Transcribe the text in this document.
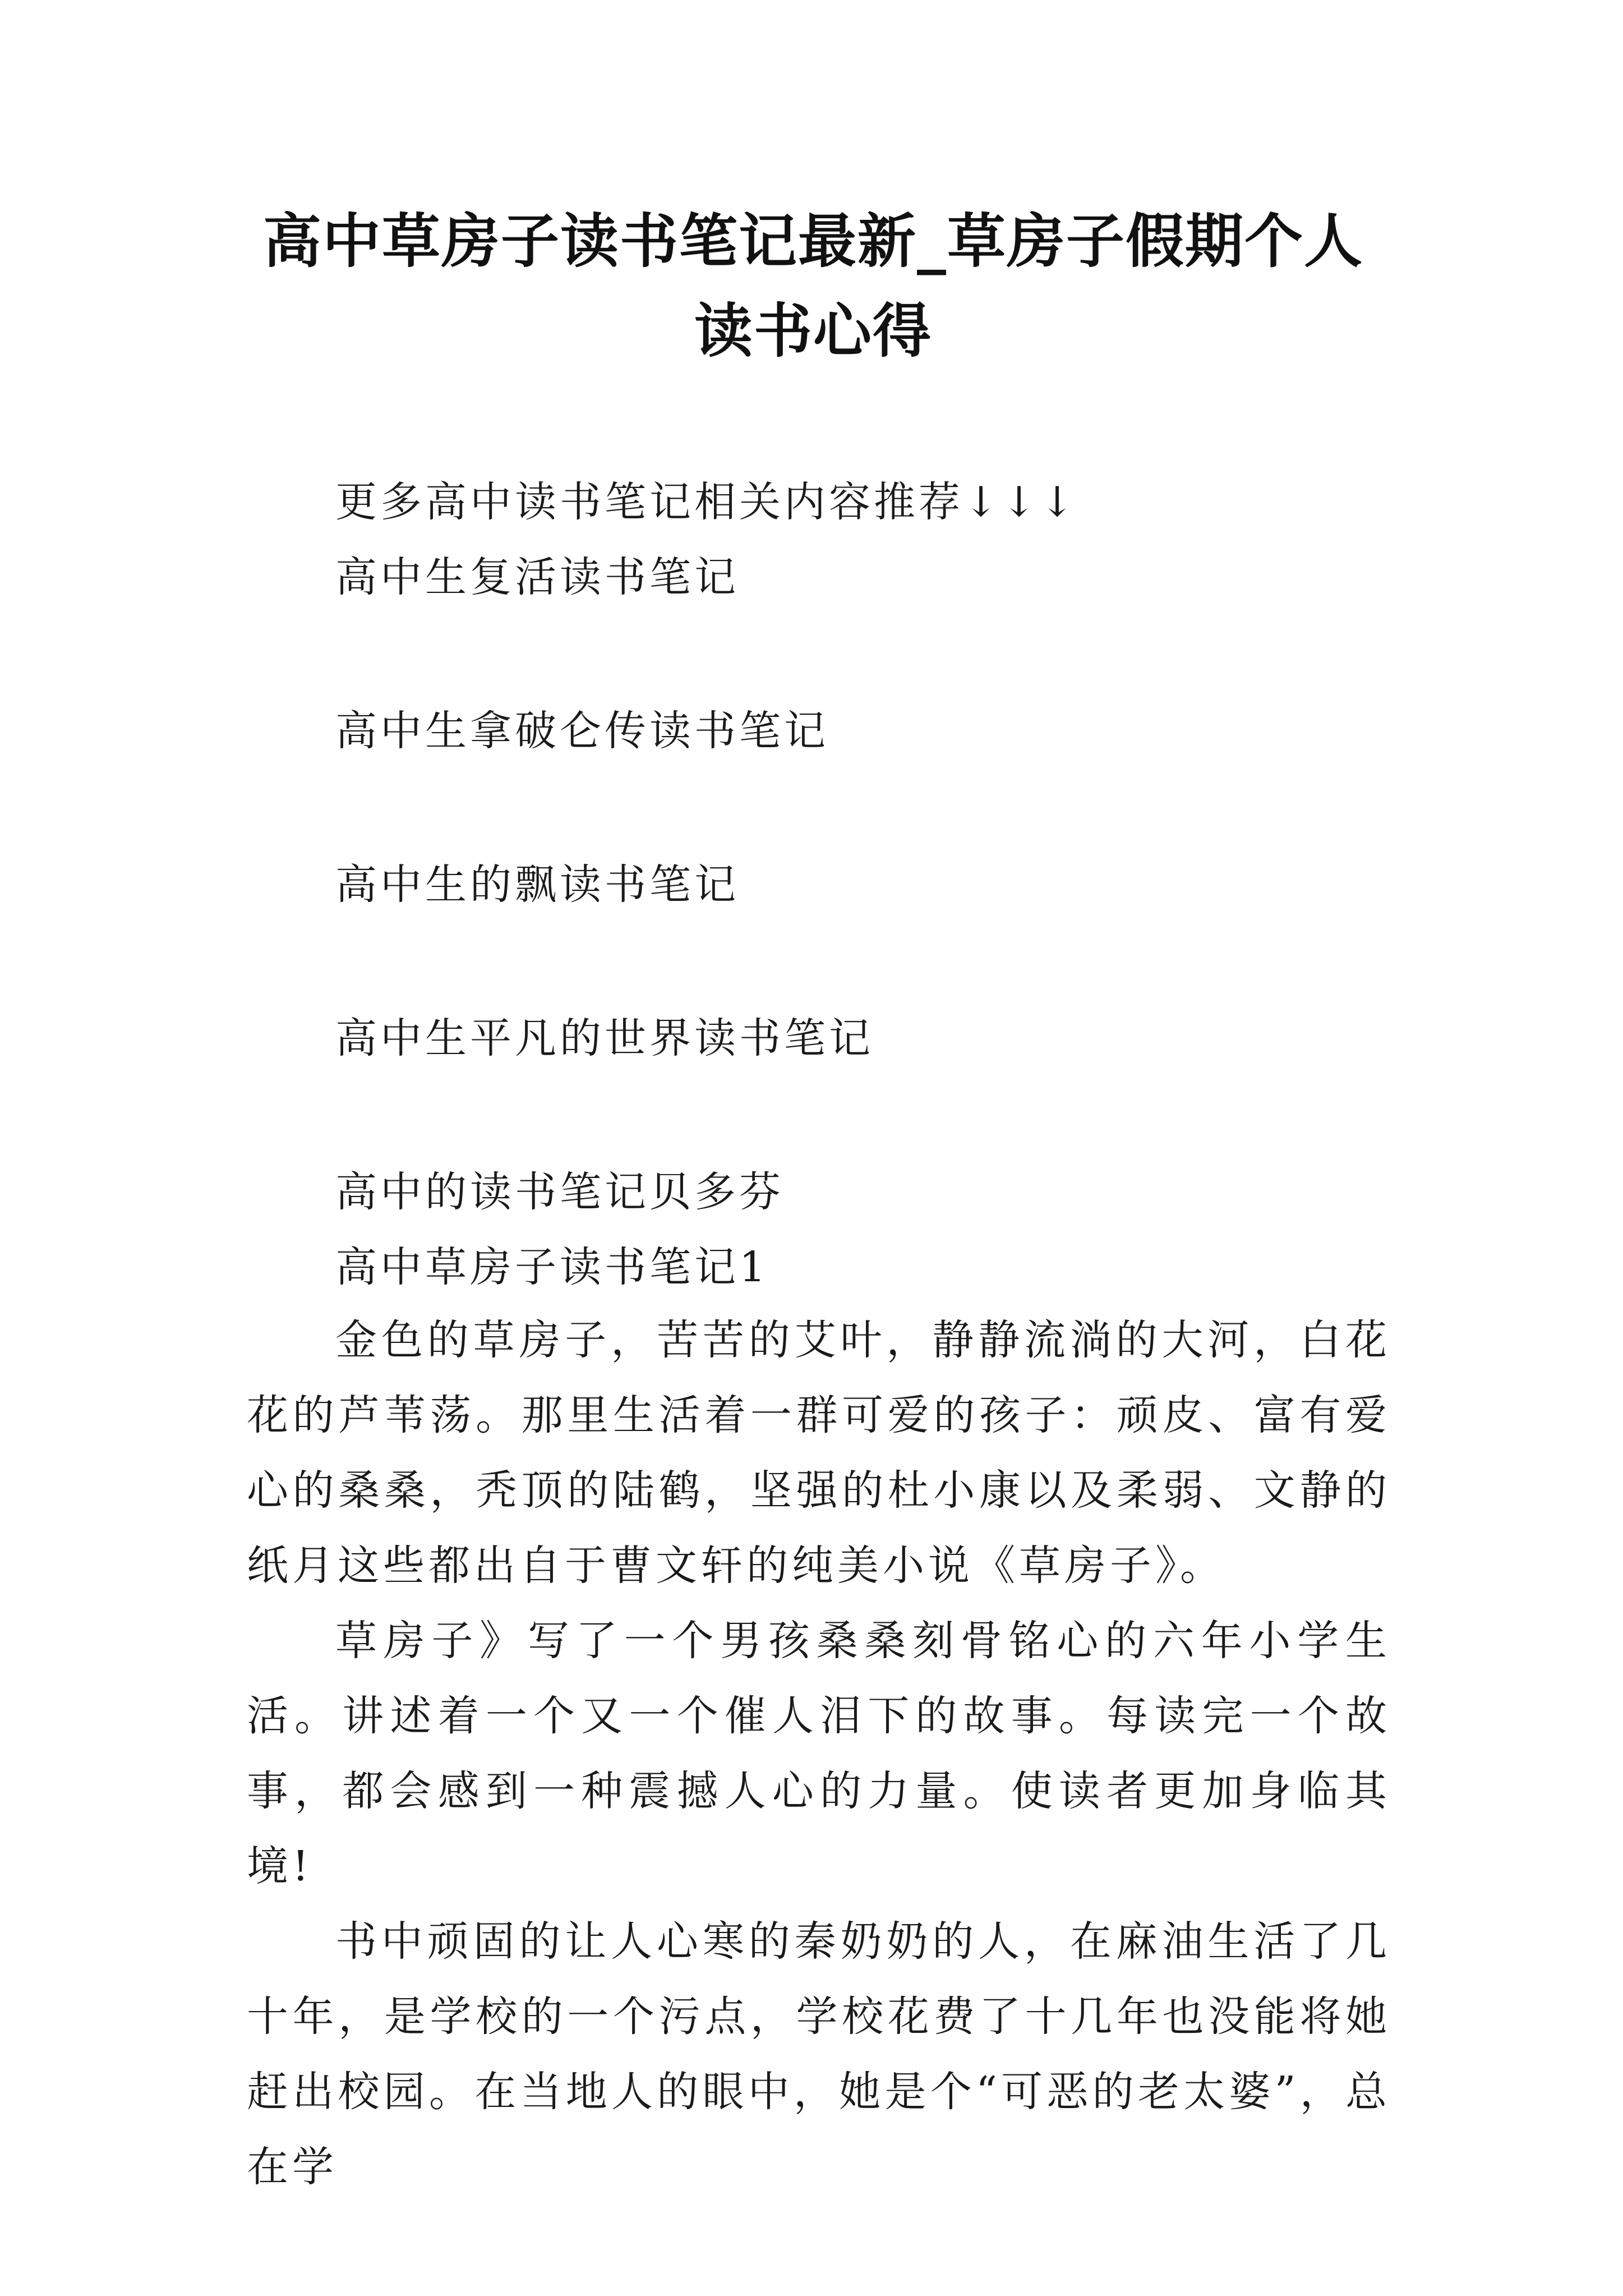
高中草房子读书笔记最新_草房子假期个人
读书心得
更多高中读书笔记相关内容推荐↓↓↓
高中生复活读书笔记
高中生拿破仑传读书笔记
高中生的飘读书笔记
高中生平凡的世界读书笔记
高中的读书笔记贝多芬
高中草房子读书笔记1

金色的草房子，苦苦的艾叶，静静流淌的大河，白花花的芦苇荡。那里生活着一群可爱的孩子：顽皮、富有爱心的桑桑，秃顶的陆鹤，坚强的杜小康以及柔弱、文静的纸月这些都出自于曹文轩的纯美小说《草房子》。

草房子》写了一个男孩桑桑刻骨铭心的六年小学生活。讲述着一个又一个催人泪下的故事。每读完一个故事，都会感到一种震撼人心的力量。使读者更加身临其境!

书中顽固的让人心寒的秦奶奶的人，在麻油生活了几十年，是学校的一个污点，学校花费了十几年也没能将她赶出校园。在当地人的眼中，她是个“可恶的老太婆”，总在学
